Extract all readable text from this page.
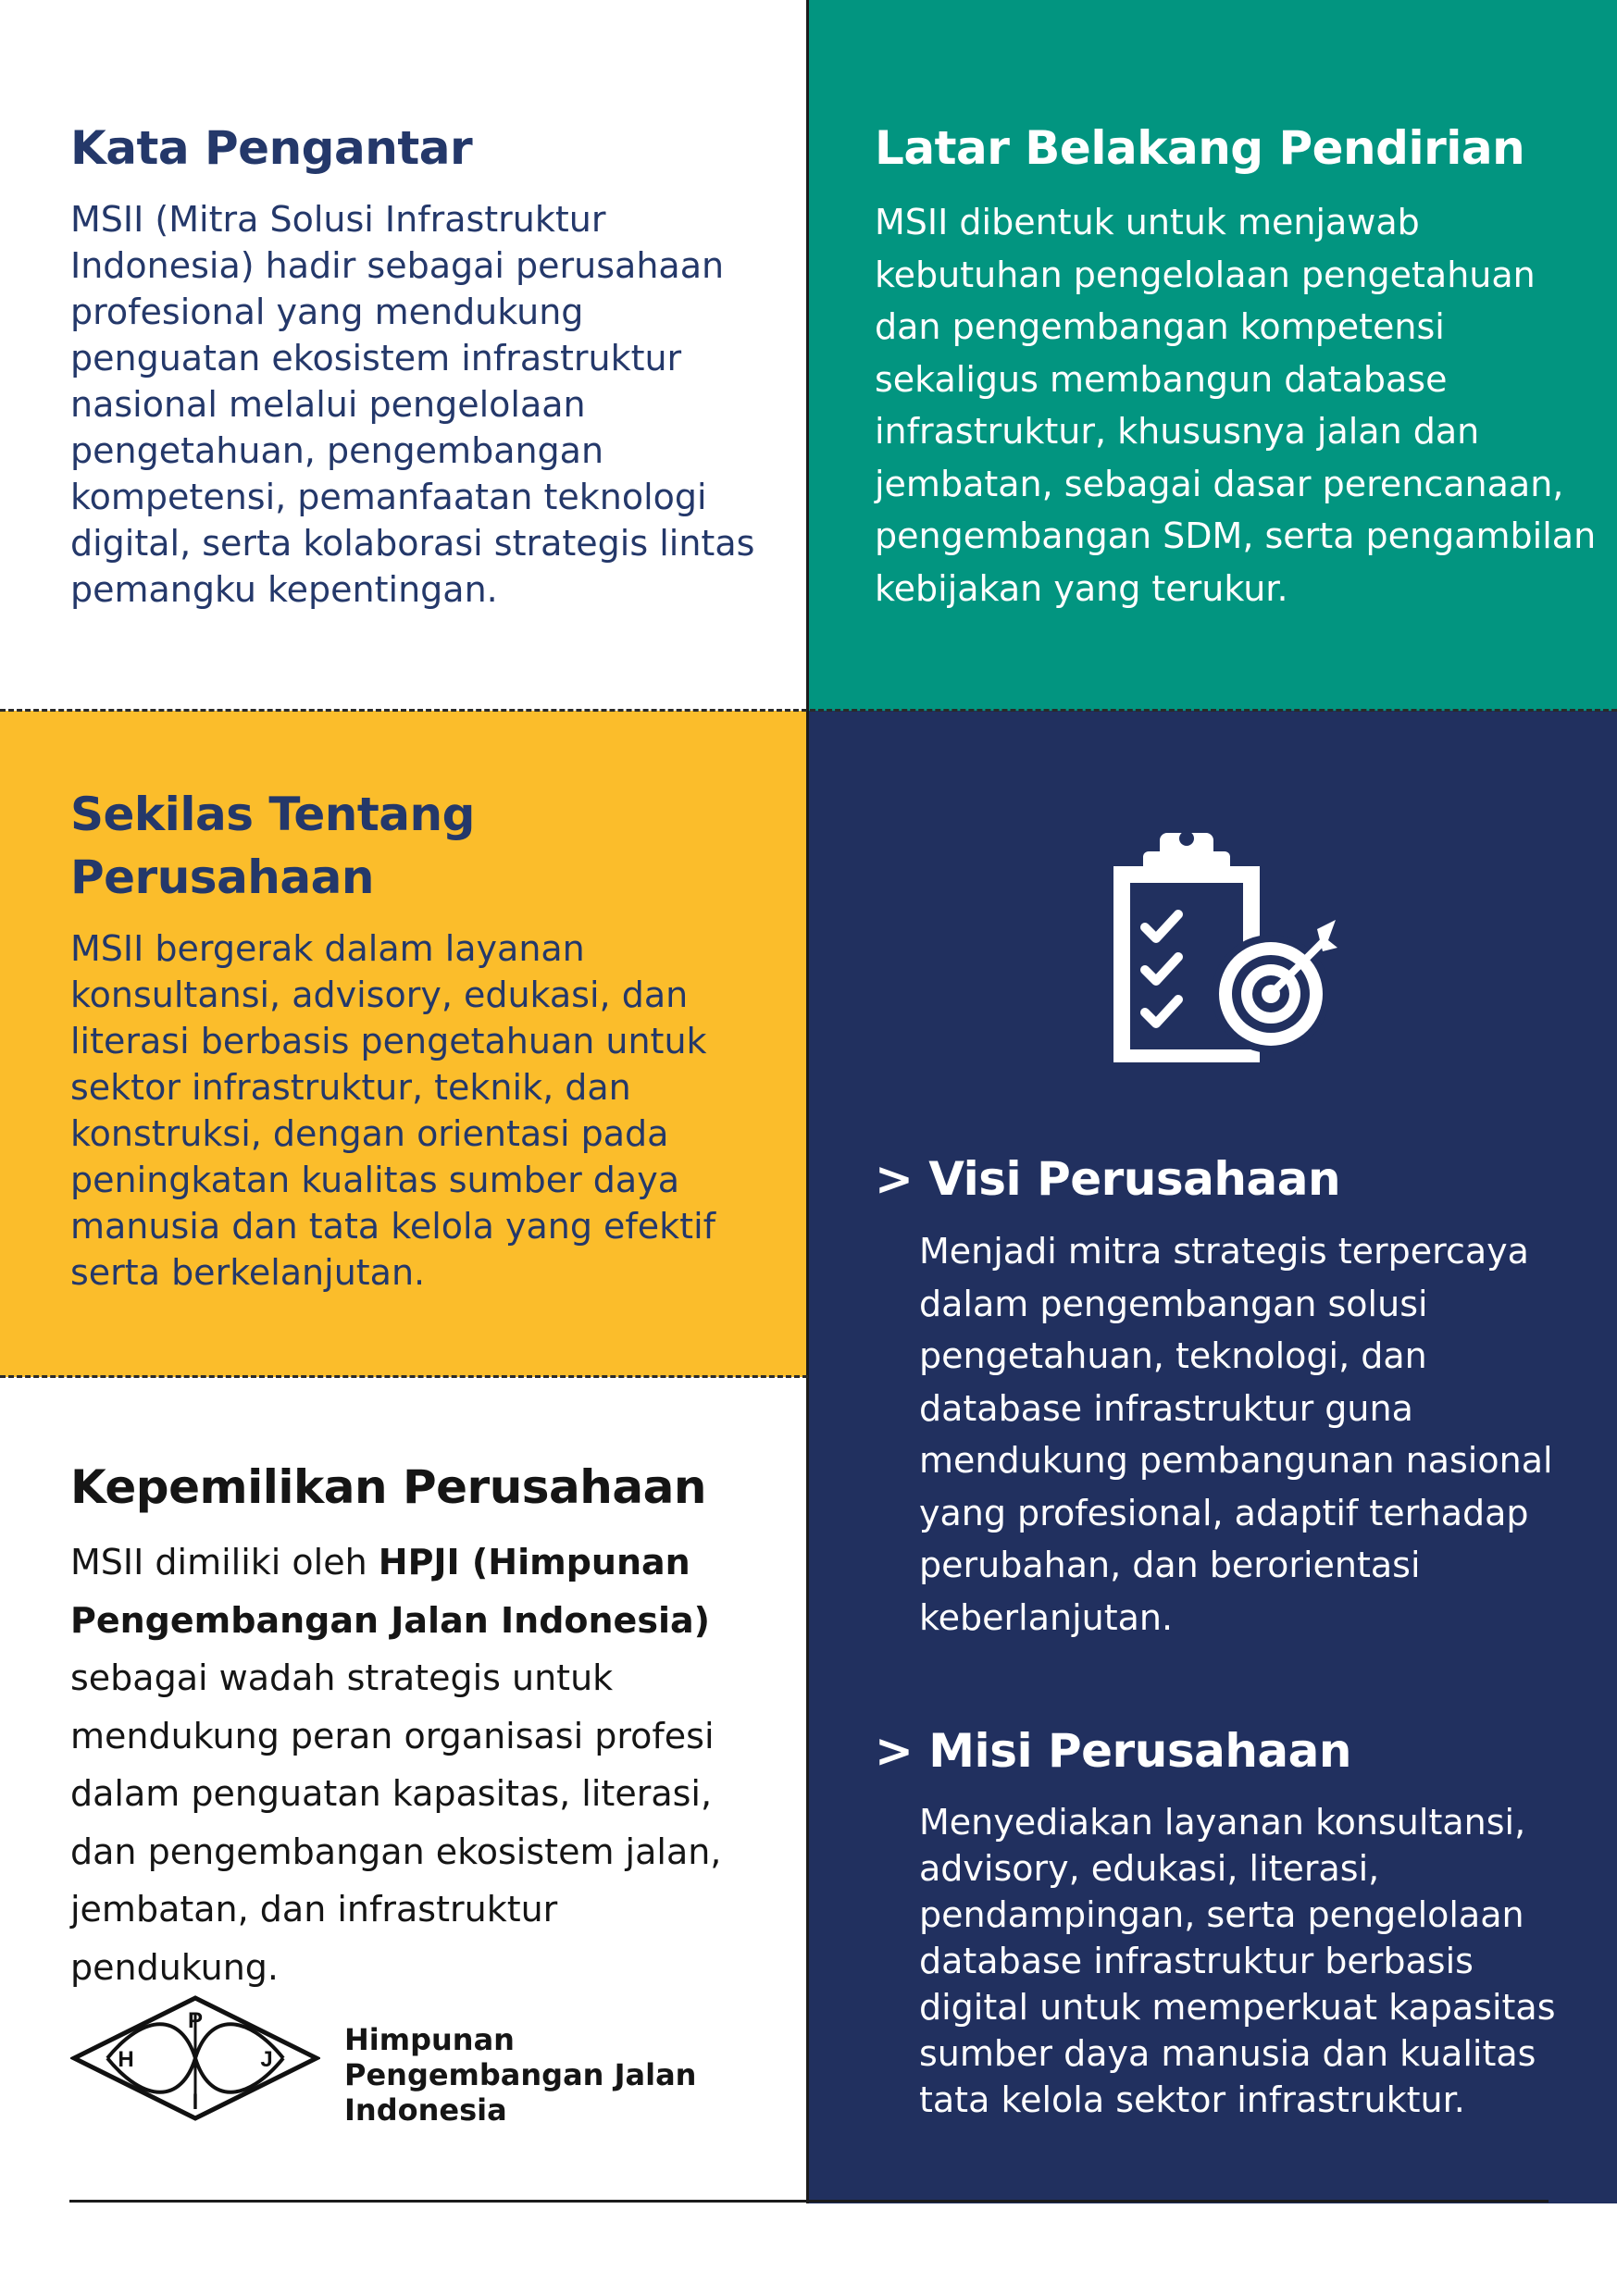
Kata Pengantar

MSII (Mitra Solusi Infrastruktur Indonesia) hadir sebagai perusahaan profesional yang mendukung penguatan ekosistem infrastruktur nasional melalui pengelolaan pengetahuan, pengembangan kompetensi, pemanfaatan teknologi digital, serta kolaborasi strategis lintas pemangku kepentingan.

Latar Belakang Pendirian

MSII dibentuk untuk menjawab kebutuhan pengelolaan pengetahuan dan pengembangan kompetensi sekaligus membangun database infrastruktur, khususnya jalan dan jembatan, sebagai dasar perencanaan, pengembangan SDM, serta pengambilan kebijakan yang terukur.

Sekilas Tentang Perusahaan

MSII bergerak dalam layanan konsultansi, advisory, edukasi, dan literasi berbasis pengetahuan untuk sektor infrastruktur, teknik, dan konstruksi, dengan orientasi pada peningkatan kualitas sumber daya manusia dan tata kelola yang efektif serta berkelanjutan.

> Visi Perusahaan

Menjadi mitra strategis terpercaya dalam pengembangan solusi pengetahuan, teknologi, dan database infrastruktur guna mendukung pembangunan nasional yang profesional, adaptif terhadap perubahan, dan berorientasi keberlanjutan.

> Misi Perusahaan

Menyediakan layanan konsultansi, advisory, edukasi, literasi, pendampingan, serta pengelolaan database infrastruktur berbasis digital untuk memperkuat kapasitas sumber daya manusia dan kualitas tata kelola sektor infrastruktur.

Kepemilikan Perusahaan

MSII dimiliki oleh HPJI (Himpunan Pengembangan Jalan Indonesia) sebagai wadah strategis untuk mendukung peran organisasi profesi dalam penguatan kapasitas, literasi, dan pengembangan ekosistem jalan, jembatan, dan infrastruktur pendukung.

P
H	J
I
Himpunan Pengembangan Jalan Indonesia
